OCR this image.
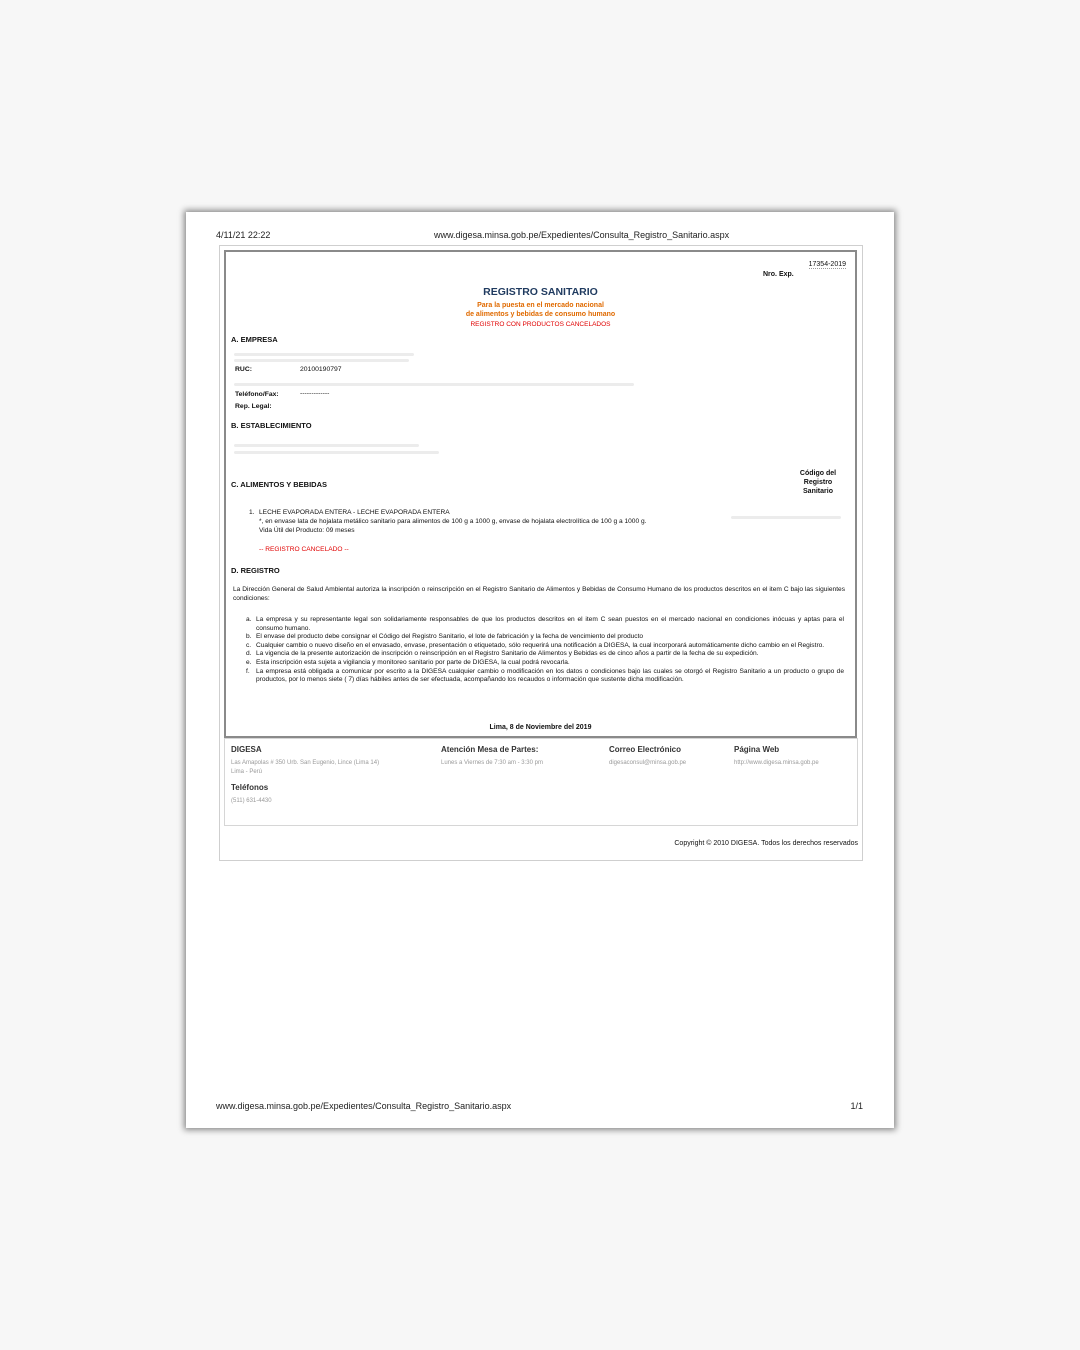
4/11/21 22:22	www.digesa.minsa.gob.pe/Expedientes/Consulta_Registro_Sanitario.aspx
17354-2019
Nro. Exp.
REGISTRO SANITARIO
Para la puesta en el mercado nacional
de alimentos y bebidas de consumo humano
REGISTRO CON PRODUCTOS CANCELADOS
A. EMPRESA
RUC:	20100190797
Teléfono/Fax:	-------------
Rep. Legal:
B. ESTABLECIMIENTO
C. ALIMENTOS Y BEBIDAS
Código del
Registro
Sanitario
1. LECHE EVAPORADA ENTERA - LECHE EVAPORADA ENTERA
*, en envase lata de hojalata metálico sanitario para alimentos de 100 g a 1000 g, envase de hojalata electrolítica de 100 g a 1000 g.
Vida Útil del Producto: 09 meses
-- REGISTRO CANCELADO --
D. REGISTRO
La Dirección General de Salud Ambiental autoriza la inscripción o reinscripción en el Registro Sanitario de Alimentos y Bebidas de Consumo Humano de los productos descritos en el item C bajo las siguientes condiciones:
a. La empresa y su representante legal son solidariamente responsables de que los productos descritos en el item C sean puestos en el mercado nacional en condiciones inócuas y aptas para el consumo humano.
b. El envase del producto debe consignar el Código del Registro Sanitario, el lote de fabricación y la fecha de vencimiento del producto
c. Cualquier cambio o nuevo diseño en el envasado, envase, presentación o etiquetado, sólo requerirá una notificación a DIGESA, la cual incorporará automáticamente dicho cambio en el Registro.
d. La vigencia de la presente autorización de inscripción o reinscripción en el Registro Sanitario de Alimentos y Bebidas es de cinco años a partir de la fecha de su expedición.
e. Esta inscripción esta sujeta a vigilancia y monitoreo sanitario por parte de DIGESA, la cual podrá revocarla.
f. La empresa está obligada a comunicar por escrito a la DIGESA cualquier cambio o modificación en los datos o condiciones bajo las cuales se otorgó el Registro Sanitario a un producto o grupo de productos, por lo menos siete ( 7) días hábiles antes de ser efectuada, acompañando los recaudos o información que sustente dicha modificación.
Lima, 8 de Noviembre del 2019
DIGESA
Las Amapolas # 350 Urb. San Eugenio, Lince (Lima 14)
Lima - Perú
Teléfonos
(511) 631-4430
Atención Mesa de Partes:
Lunes a Viernes de 7:30 am - 3:30 pm
Correo Electrónico
digesaconsul@minsa.gob.pe
Página Web
http://www.digesa.minsa.gob.pe
Copyright © 2010 DIGESA. Todos los derechos reservados
www.digesa.minsa.gob.pe/Expedientes/Consulta_Registro_Sanitario.aspx	1/1
